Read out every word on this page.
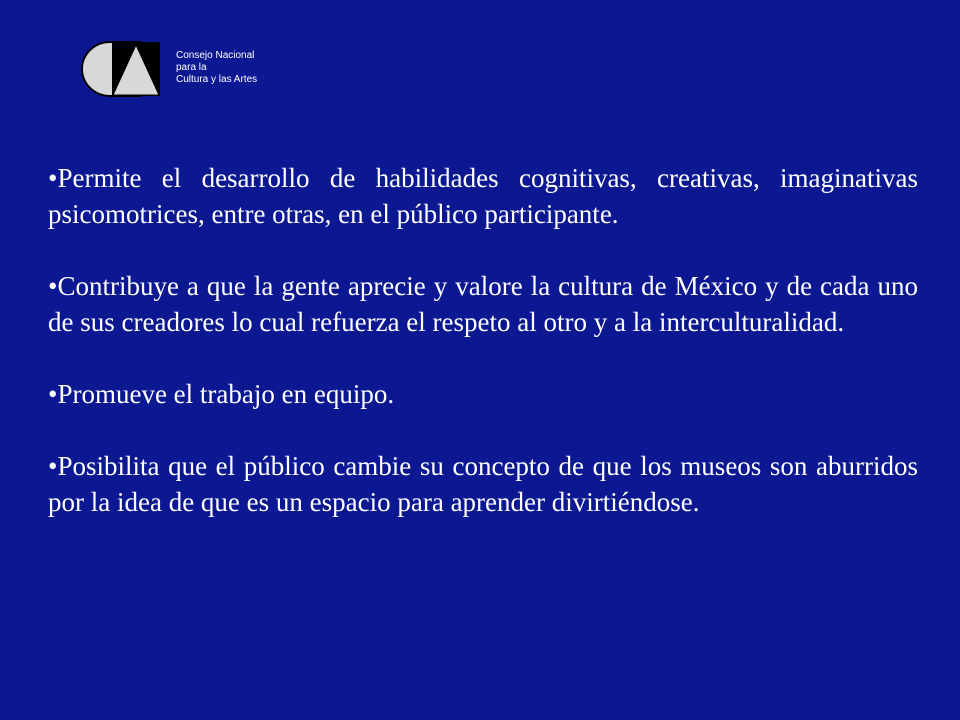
Consejo Nacional
para la
Cultura y las Artes

•Permite el desarrollo de habilidades cognitivas, creativas, imaginativas psicomotrices, entre otras, en el público participante.

•Contribuye a que la gente aprecie y valore la cultura de México y de cada uno de sus creadores lo cual refuerza el respeto al otro y a la interculturalidad.

•Promueve el trabajo en equipo.

•Posibilita que el público cambie su concepto de que los museos son aburridos por la idea de que es un espacio para aprender divirtiéndose.
